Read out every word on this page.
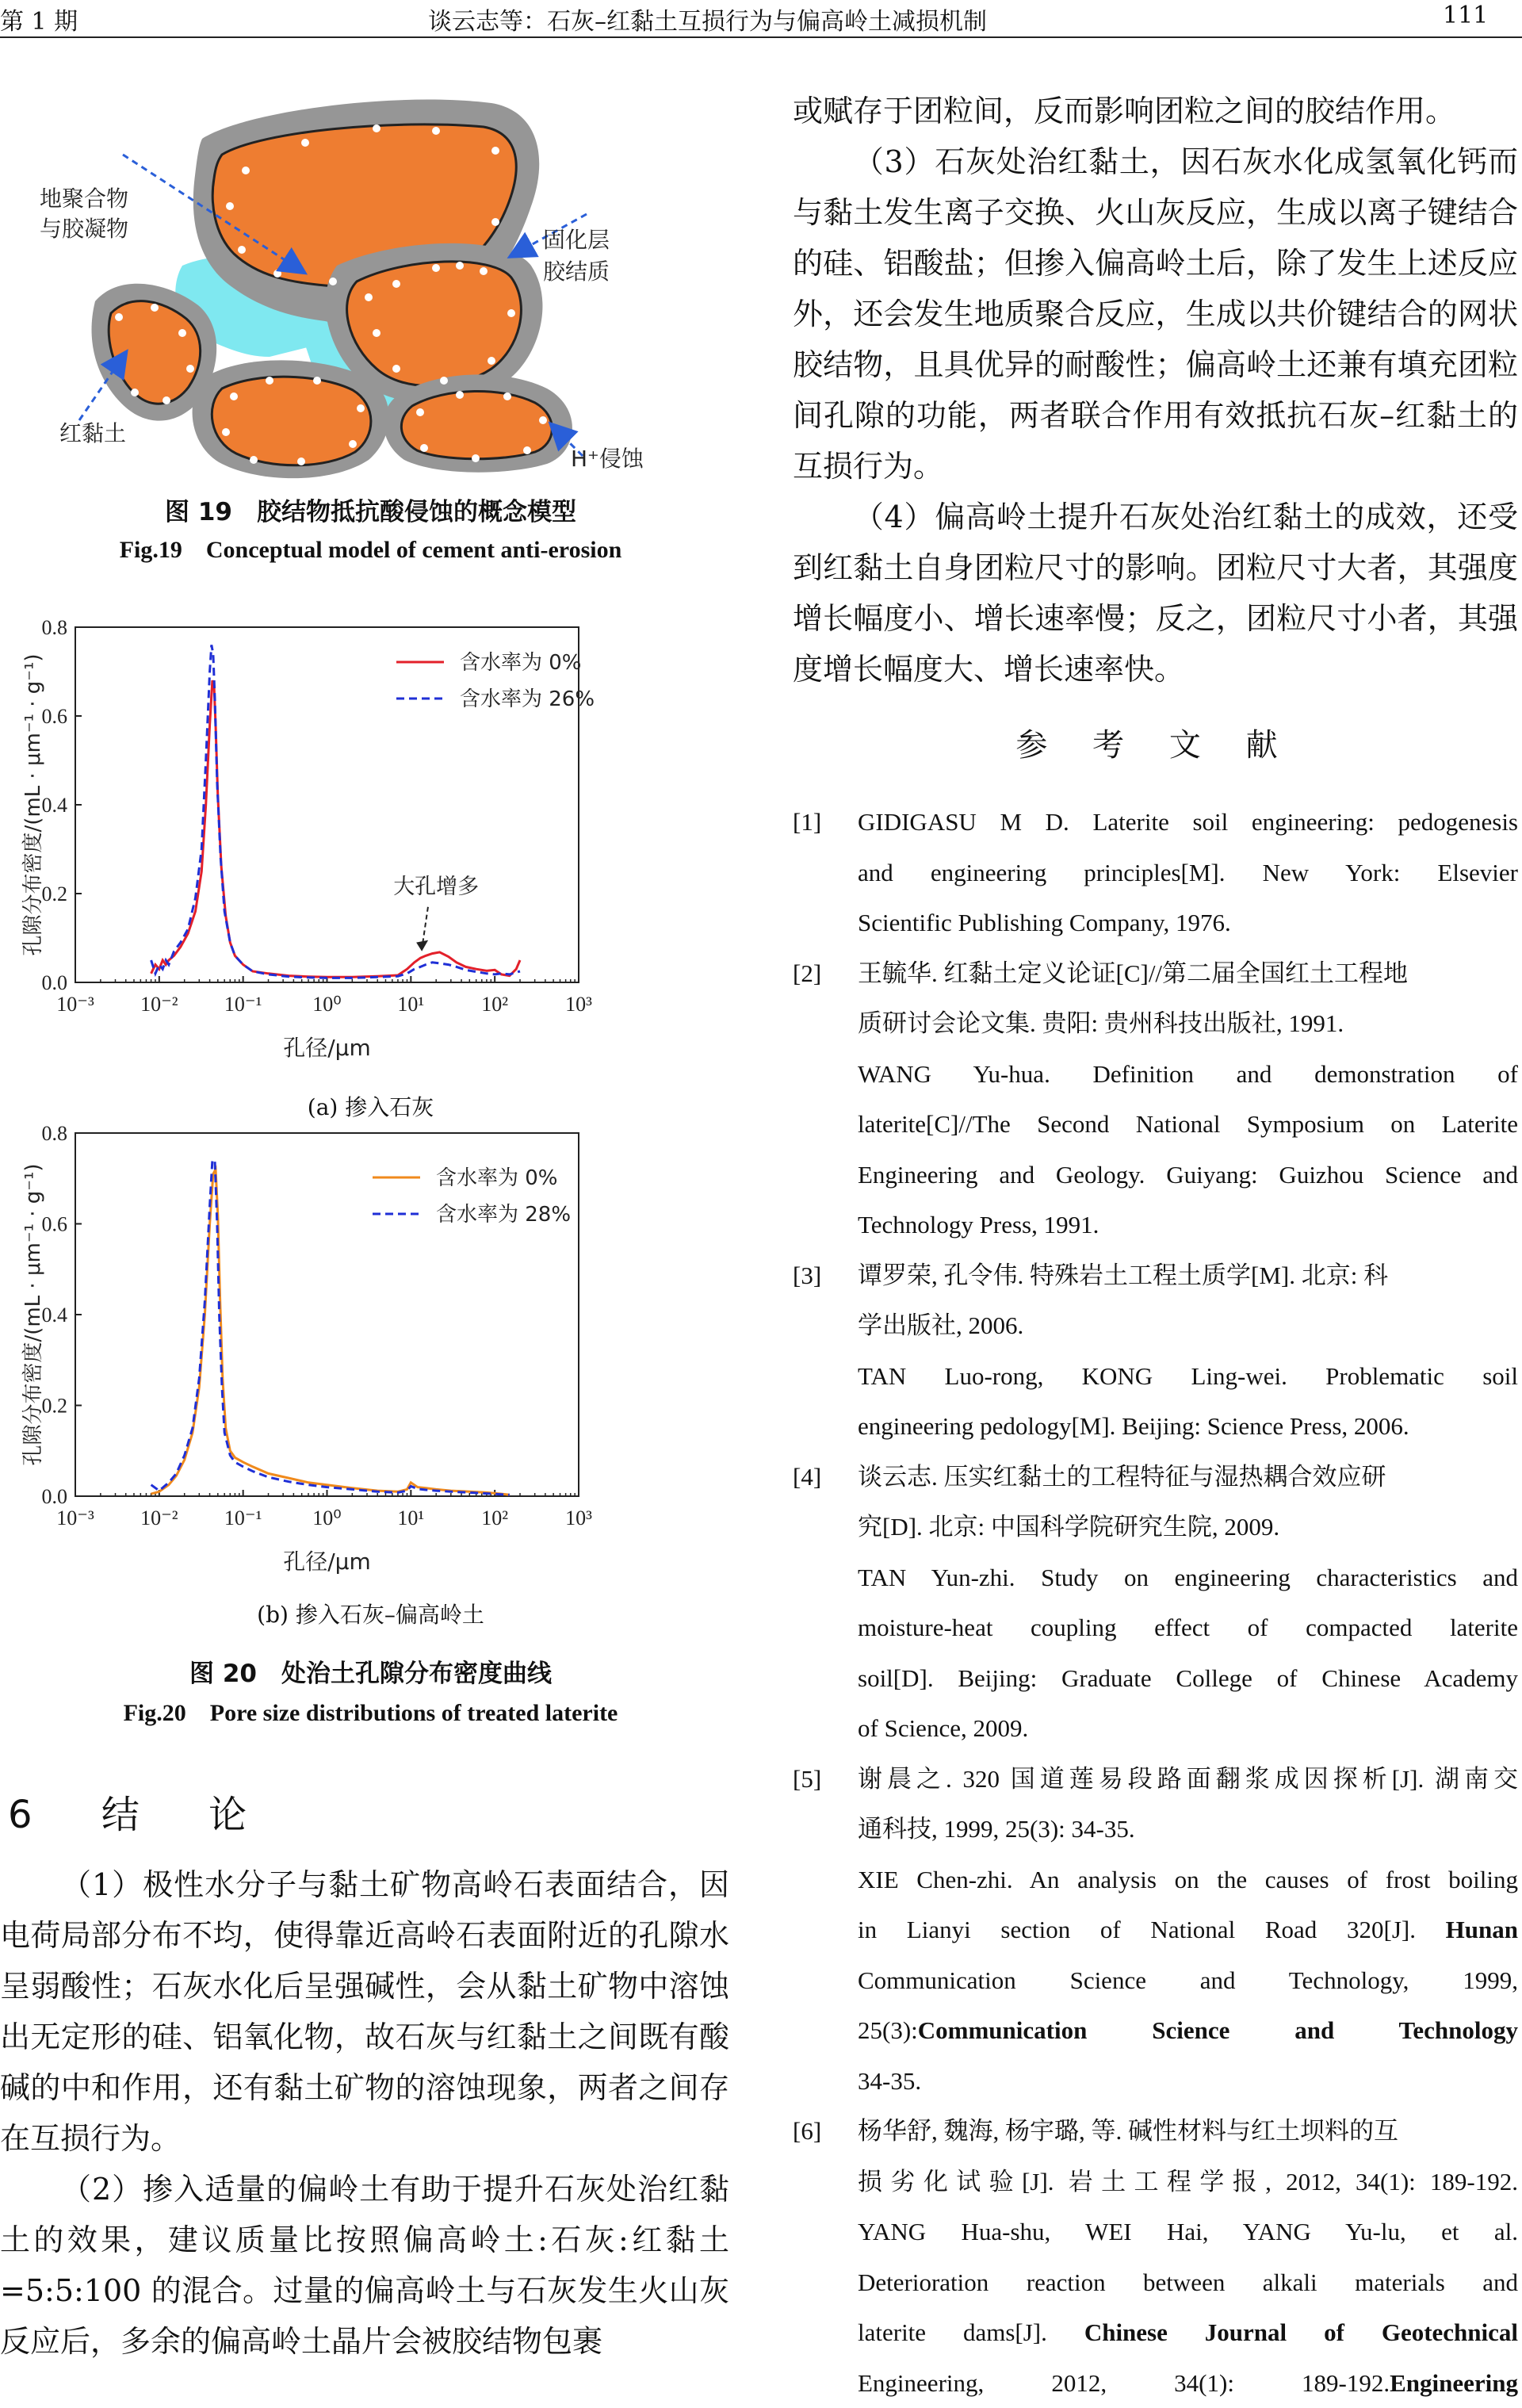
第 1 期	谈云志等：石灰–红黏土互损行为与偏高岭土减损机制	111
地聚合物
与胶凝物	固化层
胶结质
红黏土
H⁺侵蚀
图 19　胶结物抵抗酸侵蚀的概念模型
Fig.19　Conceptual model of cement anti-erosion
0.0
0.2
0.4
0.6
0.8
10⁻³ 10⁻² 10⁻¹ 10⁰	10¹	10²	10³
孔径/μm
孔隙分布密度/(mL · μm⁻¹ · g⁻¹)	含水率为 0%
含水率为 26%
大孔增多
(a) 掺入石灰
0.0
0.2
0.4
0.6
0.8
10⁻³ 10⁻² 10⁻¹ 10⁰	10¹	10²	10³
孔径/μm
孔隙分布密度/(mL · μm⁻¹ · g⁻¹)	含水率为 0%
含水率为 28%
(b) 掺入石灰–偏高岭土
图 20　处治土孔隙分布密度曲线
Fig.20　Pore size distributions of treated laterite
6 结 论

（1）极性水分子与黏土矿物高岭石表面结合，因电荷局部分布不均，使得靠近高岭石表面附近的孔隙水呈弱酸性；石灰水化后呈强碱性，会从黏土矿物中溶蚀出无定形的硅、铝氧化物，故石灰与红黏土之间既有酸碱的中和作用，还有黏土矿物的溶蚀现象，两者之间存在互损行为。

（2）掺入适量的偏岭土有助于提升石灰处治红黏土的效果，建议质量比按照偏高岭土:石灰:红黏土=5:5:100 的混合。过量的偏高岭土与石灰发生火山灰反应后，多余的偏高岭土晶片会被胶结物包裹

或赋存于团粒间，反而影响团粒之间的胶结作用。

（3）石灰处治红黏土，因石灰水化成氢氧化钙而与黏土发生离子交换、火山灰反应，生成以离子键结合的硅、铝酸盐；但掺入偏高岭土后，除了发生上述反应外，还会发生地质聚合反应，生成以共价键结合的网状胶结物，且具优异的耐酸性；偏高岭土还兼有填充团粒间孔隙的功能，两者联合作用有效抵抗石灰–红黏土的互损行为。

（4）偏高岭土提升石灰处治红黏土的成效，还受到红黏土自身团粒尺寸的影响。团粒尺寸大者，其强度增长幅度小、增长速率慢；反之，团粒尺寸小者，其强度增长幅度大、增长速率快。

参 考 文 献
[1] GIDIGASU M D. Laterite soil engineering: pedogenesis
and engineering principles[M]. New York: Elsevier
Scientific Publishing Company, 1976.
[2] 王毓华. 红黏土定义论证[C]//第二届全国红土工程地
质研讨会论文集. 贵阳: 贵州科技出版社, 1991.
WANG Yu-hua. Definition and demonstration of
laterite[C]//The Second National Symposium on Laterite
Engineering and Geology. Guiyang: Guizhou Science and
Technology Press, 1991.
[3] 谭罗荣, 孔令伟. 特殊岩土工程土质学[M]. 北京: 科
学出版社, 2006.
TAN Luo-rong, KONG Ling-wei. Problematic soil
engineering pedology[M]. Beijing: Science Press, 2006.
[4] 谈云志. 压实红黏土的工程特征与湿热耦合效应研
究[D]. 北京: 中国科学院研究生院, 2009.
TAN Yun-zhi. Study on engineering characteristics and
moisture-heat coupling effect of compacted laterite
soil[D]. Beijing: Graduate College of Chinese Academy
of Science, 2009.
[5] 谢晨之. 320 国道莲易段路面翻浆成因探析[J]. 湖南交
通科技, 1999, 25(3): 34-35.
XIE Chen-zhi. An analysis on the causes of frost boiling
in Lianyi section of National Road 320[J]. Hunan
Communication Science and Technology, 1999, 25(3):Communication Science and Technology
34-35.
[6] 杨华舒, 魏海, 杨宇璐, 等. 碱性材料与红土坝料的互
损劣化试验[J]. 岩土工程学报, 2012, 34(1): 189-192.
YANG Hua-shu, WEI Hai, YANG Yu-lu, et al.
Deterioration reaction between alkali materials and
laterite dams[J]. Chinese Journal of Geotechnical
Engineering, 2012, 34(1): 189-192.Engineering
